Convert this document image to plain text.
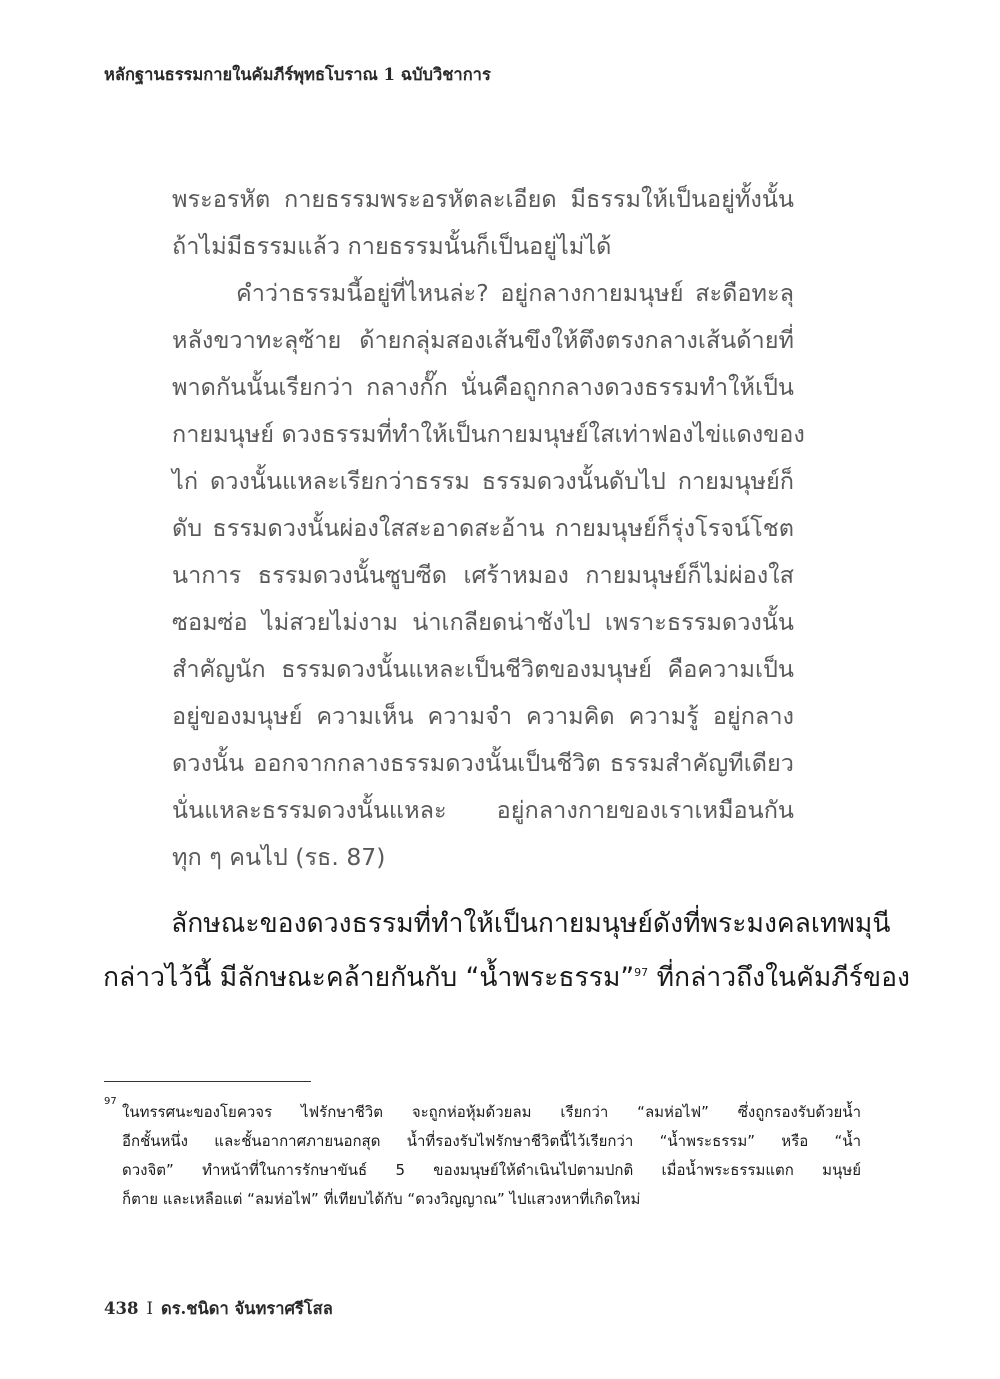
หลักฐานธรรมกายในคัมภีร์พุทธโบราณ 1 ฉบับวิชาการ
พระอรหัต กายธรรมพระอรหัตละเอียด มีธรรมให้เป็นอยู่ทั้งนั้น
ถ้าไม่มีธรรมแล้ว กายธรรมนั้นก็เป็นอยู่ไม่ได้
คำว่าธรรมนี้อยู่ที่ไหนล่ะ? อยู่กลางกายมนุษย์ สะดือทะลุ
หลังขวาทะลุซ้าย ด้ายกลุ่มสองเส้นขึงให้ตึงตรงกลางเส้นด้ายที่
พาดกันนั้นเรียกว่า กลางกั๊ก นั่นคือถูกกลางดวงธรรมทำให้เป็น
กายมนุษย์ ดวงธรรมที่ทำให้เป็นกายมนุษย์ใสเท่าฟองไข่แดงของ
ไก่ ดวงนั้นแหละเรียกว่าธรรม ธรรมดวงนั้นดับไป กายมนุษย์ก็
ดับ ธรรมดวงนั้นผ่องใสสะอาดสะอ้าน กายมนุษย์ก็รุ่งโรจน์โชต
นาการ ธรรมดวงนั้นซูบซีด เศร้าหมอง กายมนุษย์ก็ไม่ผ่องใส
ซอมซ่อ ไม่สวยไม่งาม น่าเกลียดน่าชังไป เพราะธรรมดวงนั้น
สำคัญนัก ธรรมดวงนั้นแหละเป็นชีวิตของมนุษย์ คือความเป็น
อยู่ของมนุษย์ ความเห็น ความจำ ความคิด ความรู้ อยู่กลาง
ดวงนั้น ออกจากกลางธรรมดวงนั้นเป็นชีวิต ธรรมสำคัญทีเดียว
นั่นแหละธรรมดวงนั้นแหละ อยู่กลางกายของเราเหมือนกัน
ทุก ๆ คนไป (รธ. 87)
ลักษณะของดวงธรรมที่ทำให้เป็นกายมนุษย์ดังที่พระมงคลเทพมุนี
กล่าวไว้นี้ มีลักษณะคล้ายกันกับ “น้ำพระธรรม”$^{97}$ ที่กล่าวถึงในคัมภีร์ของ
97
ในทรรศนะของโยควจร ไฟรักษาชีวิต จะถูกห่อหุ้มด้วยลม เรียกว่า “ลมห่อไฟ” ซึ่งถูกรองรับด้วยน้ำ
อีกชั้นหนึ่ง และชั้นอากาศภายนอกสุด น้ำที่รองรับไฟรักษาชีวิตนี้ไว้เรียกว่า “น้ำพระธรรม” หรือ “น้ำ
ดวงจิต” ทำหน้าที่ในการรักษาขันธ์ 5 ของมนุษย์ให้ดำเนินไปตามปกติ เมื่อน้ำพระธรรมแตก มนุษย์
ก็ตาย และเหลือแต่ “ลมห่อไฟ” ที่เทียบได้กับ “ดวงวิญญาณ” ไปแสวงหาที่เกิดใหม่
438 I ดร.ชนิดา จันทราศรีโสล
